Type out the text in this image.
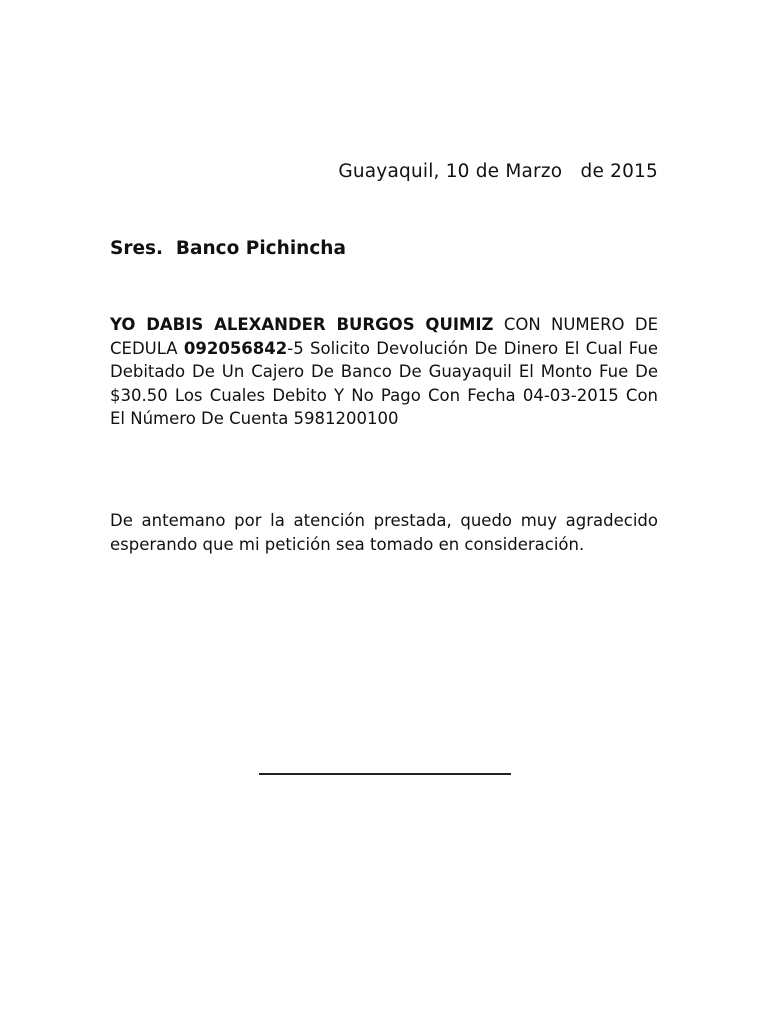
Guayaquil, 10 de Marzo   de 2015
Sres.  Banco Pichincha

YO DABIS ALEXANDER BURGOS QUIMIZ CON NUMERO DE CEDULA 092056842-5 Solicito Devolución De Dinero El Cual Fue Debitado De Un Cajero De Banco De Guayaquil El Monto Fue De $30.50 Los Cuales Debito Y No Pago Con Fecha 04-03-2015 Con El Número De Cuenta 5981200100

De antemano por la atención prestada, quedo muy agradecido esperando que mi petición sea tomado en consideración.
